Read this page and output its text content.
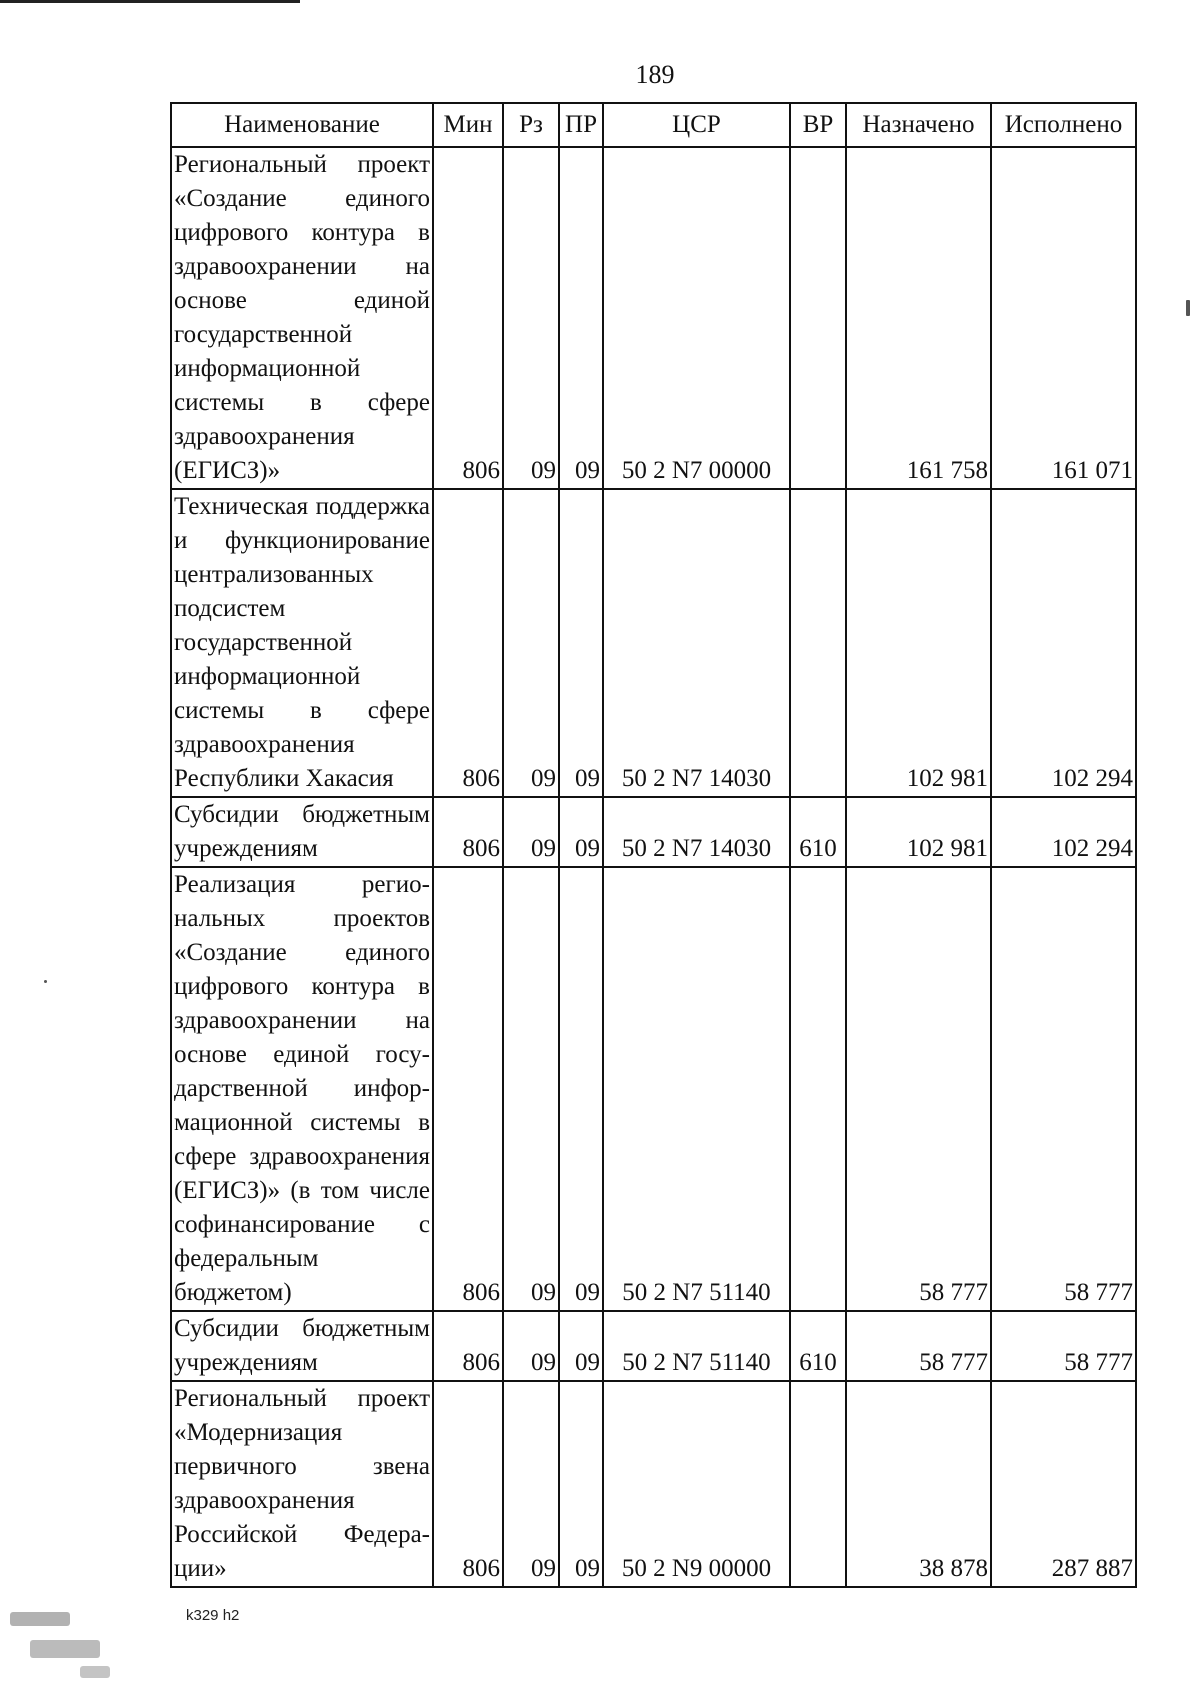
189
Наименование	Мин	Рз	ПР	ЦСР	ВР	Назначено	Исполнено
Региональный проект «Создание единого цифрового контура в здравоохранении на основе единой государственной информационной системы в сфере здравоохранения (ЕГИСЗ)»	806	09	09	50 2 N7 00000		161 758	161 071
Техническая поддержка и функционирование централизованных подсистем государственной информационной системы в сфере здравоохранения Республики Хакасия	806	09	09	50 2 N7 14030		102 981	102 294
Субсидии бюджетным учреждениям	806	09	09	50 2 N7 14030	610	102 981	102 294
Реализация региональных проектов «Создание единого цифрового контура в здравоохранении на основе единой государственной информационной системы в сфере здравоохранения (ЕГИСЗ)» (в том числе софинансирование с федеральным бюджетом)	806	09	09	50 2 N7 51140		58 777	58 777
Субсидии бюджетным учреждениям	806	09	09	50 2 N7 51140	610	58 777	58 777
Региональный проект «Модернизация первичного звена здравоохранения Российской Федерации»	806	09	09	50 2 N9 00000		38 878	287 887
k329 h2
